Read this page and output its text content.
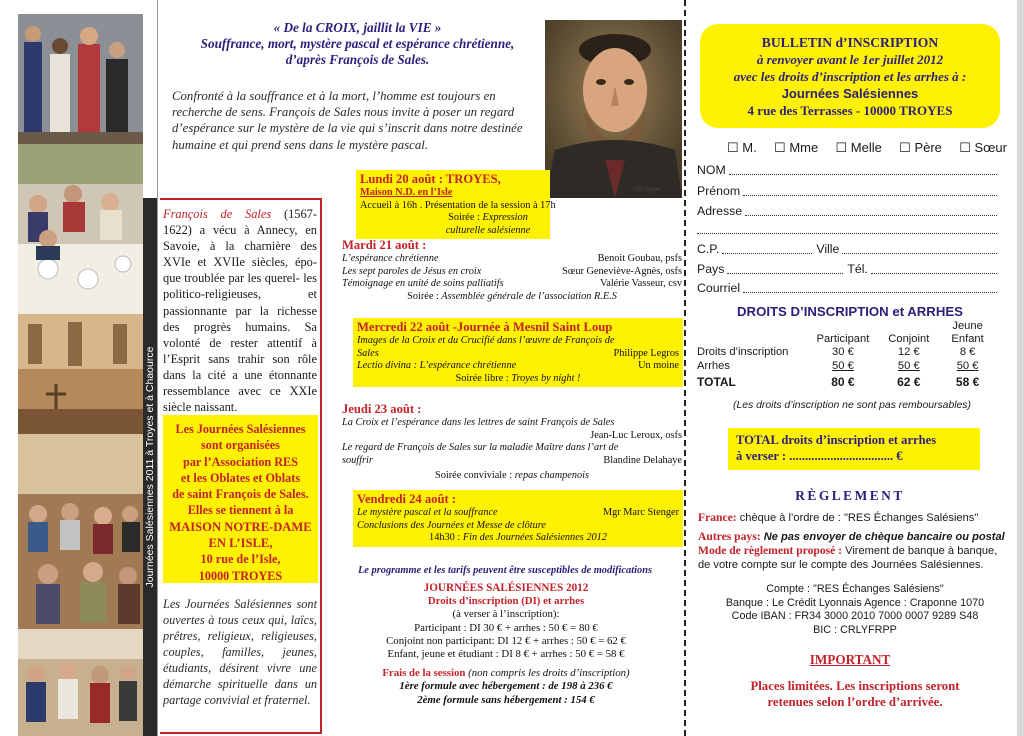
Journées Salésiennes 2011 à Troyes et à Chaource
« De la CROIX, jaillit la VIE »
Souffrance, mort, mystère pascal et espérance chrétienne,
d’après François de Sales.
Confronté à la souffrance et à la mort, l’homme est toujours en recherche de sens. François de Sales nous invite à poser un regard d’espérance sur le mystère de la vie qui s’inscrit dans notre destinée humaine et qui prend sens dans le mystère pascal.
©B.Gayet
François de Sales (1567- 1622) a vécu à Annecy, en Savoie, à la charnière des XVIe et XVIIe siècles, épo- que troublée par les querel- les politico-religieuses, et passionnante par la richesse des progrès humains. Sa volonté de rester attentif à l’Esprit sans trahir son rôle dans la cité a une étonnante ressemblance avec ce XXIe siècle naissant.
Les Journées Salésiennes
sont organisées
par l’Association RES
et les Oblates et Oblats
de saint François de Sales.
Elles se tiennent à la
MAISON NOTRE-DAME
EN L’ISLE,
10 rue de l’Isle,
10000 TROYES
Les Journées Salésiennes sont ouvertes à tous ceux qui, laïcs, prêtres, religieux, religieuses, couples, familles, jeunes, étudiants, désirent vivre une démarche spirituelle dans un partage convivial et fraternel.
Lundi 20 août : TROYES,
Maison N.D. en l’Isle
Accueil à 16h . Présentation de la session à 17h
Soirée : Expression culturelle salésienne
Mardi 21 août :
L’espérance chrétienne	Benoit Goubau, psfs
Les sept paroles de Jésus en croix	Sœur Geneviève-Agnès, osfs
Témoignage en unité de soins palliatifs	Valérie Vasseur, csv
Soirée : Assemblée générale de l’association R.E.S
Mercredi 22 août -Journée à Mesnil Saint Loup
Images de la Croix et du Crucifié dans l’œuvre de François de
Sales	Philippe Legros
Lectio divina : L’espérance chrétienne	Un moine
Soirée libre : Troyes by night !
Jeudi 23 août :
La Croix et l’espérance dans les lettres de saint François de Sales
Jean-Luc Leroux, osfs
Le regard de François de Sales sur la maladie Maître dans l’art de
souffrir	Blandine Delahaye
Soirée conviviale : repas champenois
Vendredi 24 août :
Le mystère pascal et la souffrance	Mgr Marc Stenger
Conclusions des Journées et Messe de clôture
14h30 : Fin des Journées Salésiennes 2012
Le programme et les tarifs peuvent être susceptibles de modifications
JOURNÉES SALÉSIENNES 2012
Droits d’inscription (DI) et arrhes
(à verser à l’inscription):
Participant : DI 30 € + arrhes : 50 € = 80 €
Conjoint non participant: DI 12 € + arrhes : 50 € = 62 €
Enfant, jeune et étudiant : DI 8 € + arrhes : 50 € = 58 €
Frais de la session (non compris les droits d’inscription)
1ère formule avec hébergement : de 198 à 236 €
2ème formule sans hébergement : 154 €
BULLETIN d’INSCRIPTION
à renvoyer avant le 1er juillet 2012
avec les droits d’inscription et les arrhes à :
Journées Salésiennes
4 rue des Terrasses - 10000 TROYES
☐ M. ☐ Mme ☐ Melle ☐ Père ☐ Sœur
NOM
Prénom
Adresse
C.P.	Ville
Pays	Tél.
Courriel
DROITS D’INSCRIPTION et ARRHES
	Participant	Conjoint	Jeune Enfant
Droits d’inscription	30 €	12 €	8 €
Arrhes	50 €	50 €	50 €
TOTAL	80 €	62 €	58 €
(Les droits d’inscription ne sont pas remboursables)
TOTAL droits d’inscription et arrhes
à verser : ................................. €
RÈGLEMENT
France: chèque à l’ordre de : "RES Échanges Salésiens"
Autres pays: Ne pas envoyer de chèque bancaire ou postal
Mode de règlement proposé : Virement de banque à banque, de votre compte sur le compte des Journées Salésiennes.
Compte : "RES Échanges Salésiens"
Banque : Le Crédit Lyonnais Agence : Craponne 1070
Code IBAN : FR34 3000 2010 7000 0007 9289 S48
BIC : CRLYFRPP
IMPORTANT
Places limitées. Les inscriptions seront
retenues selon l’ordre d’arrivée.
